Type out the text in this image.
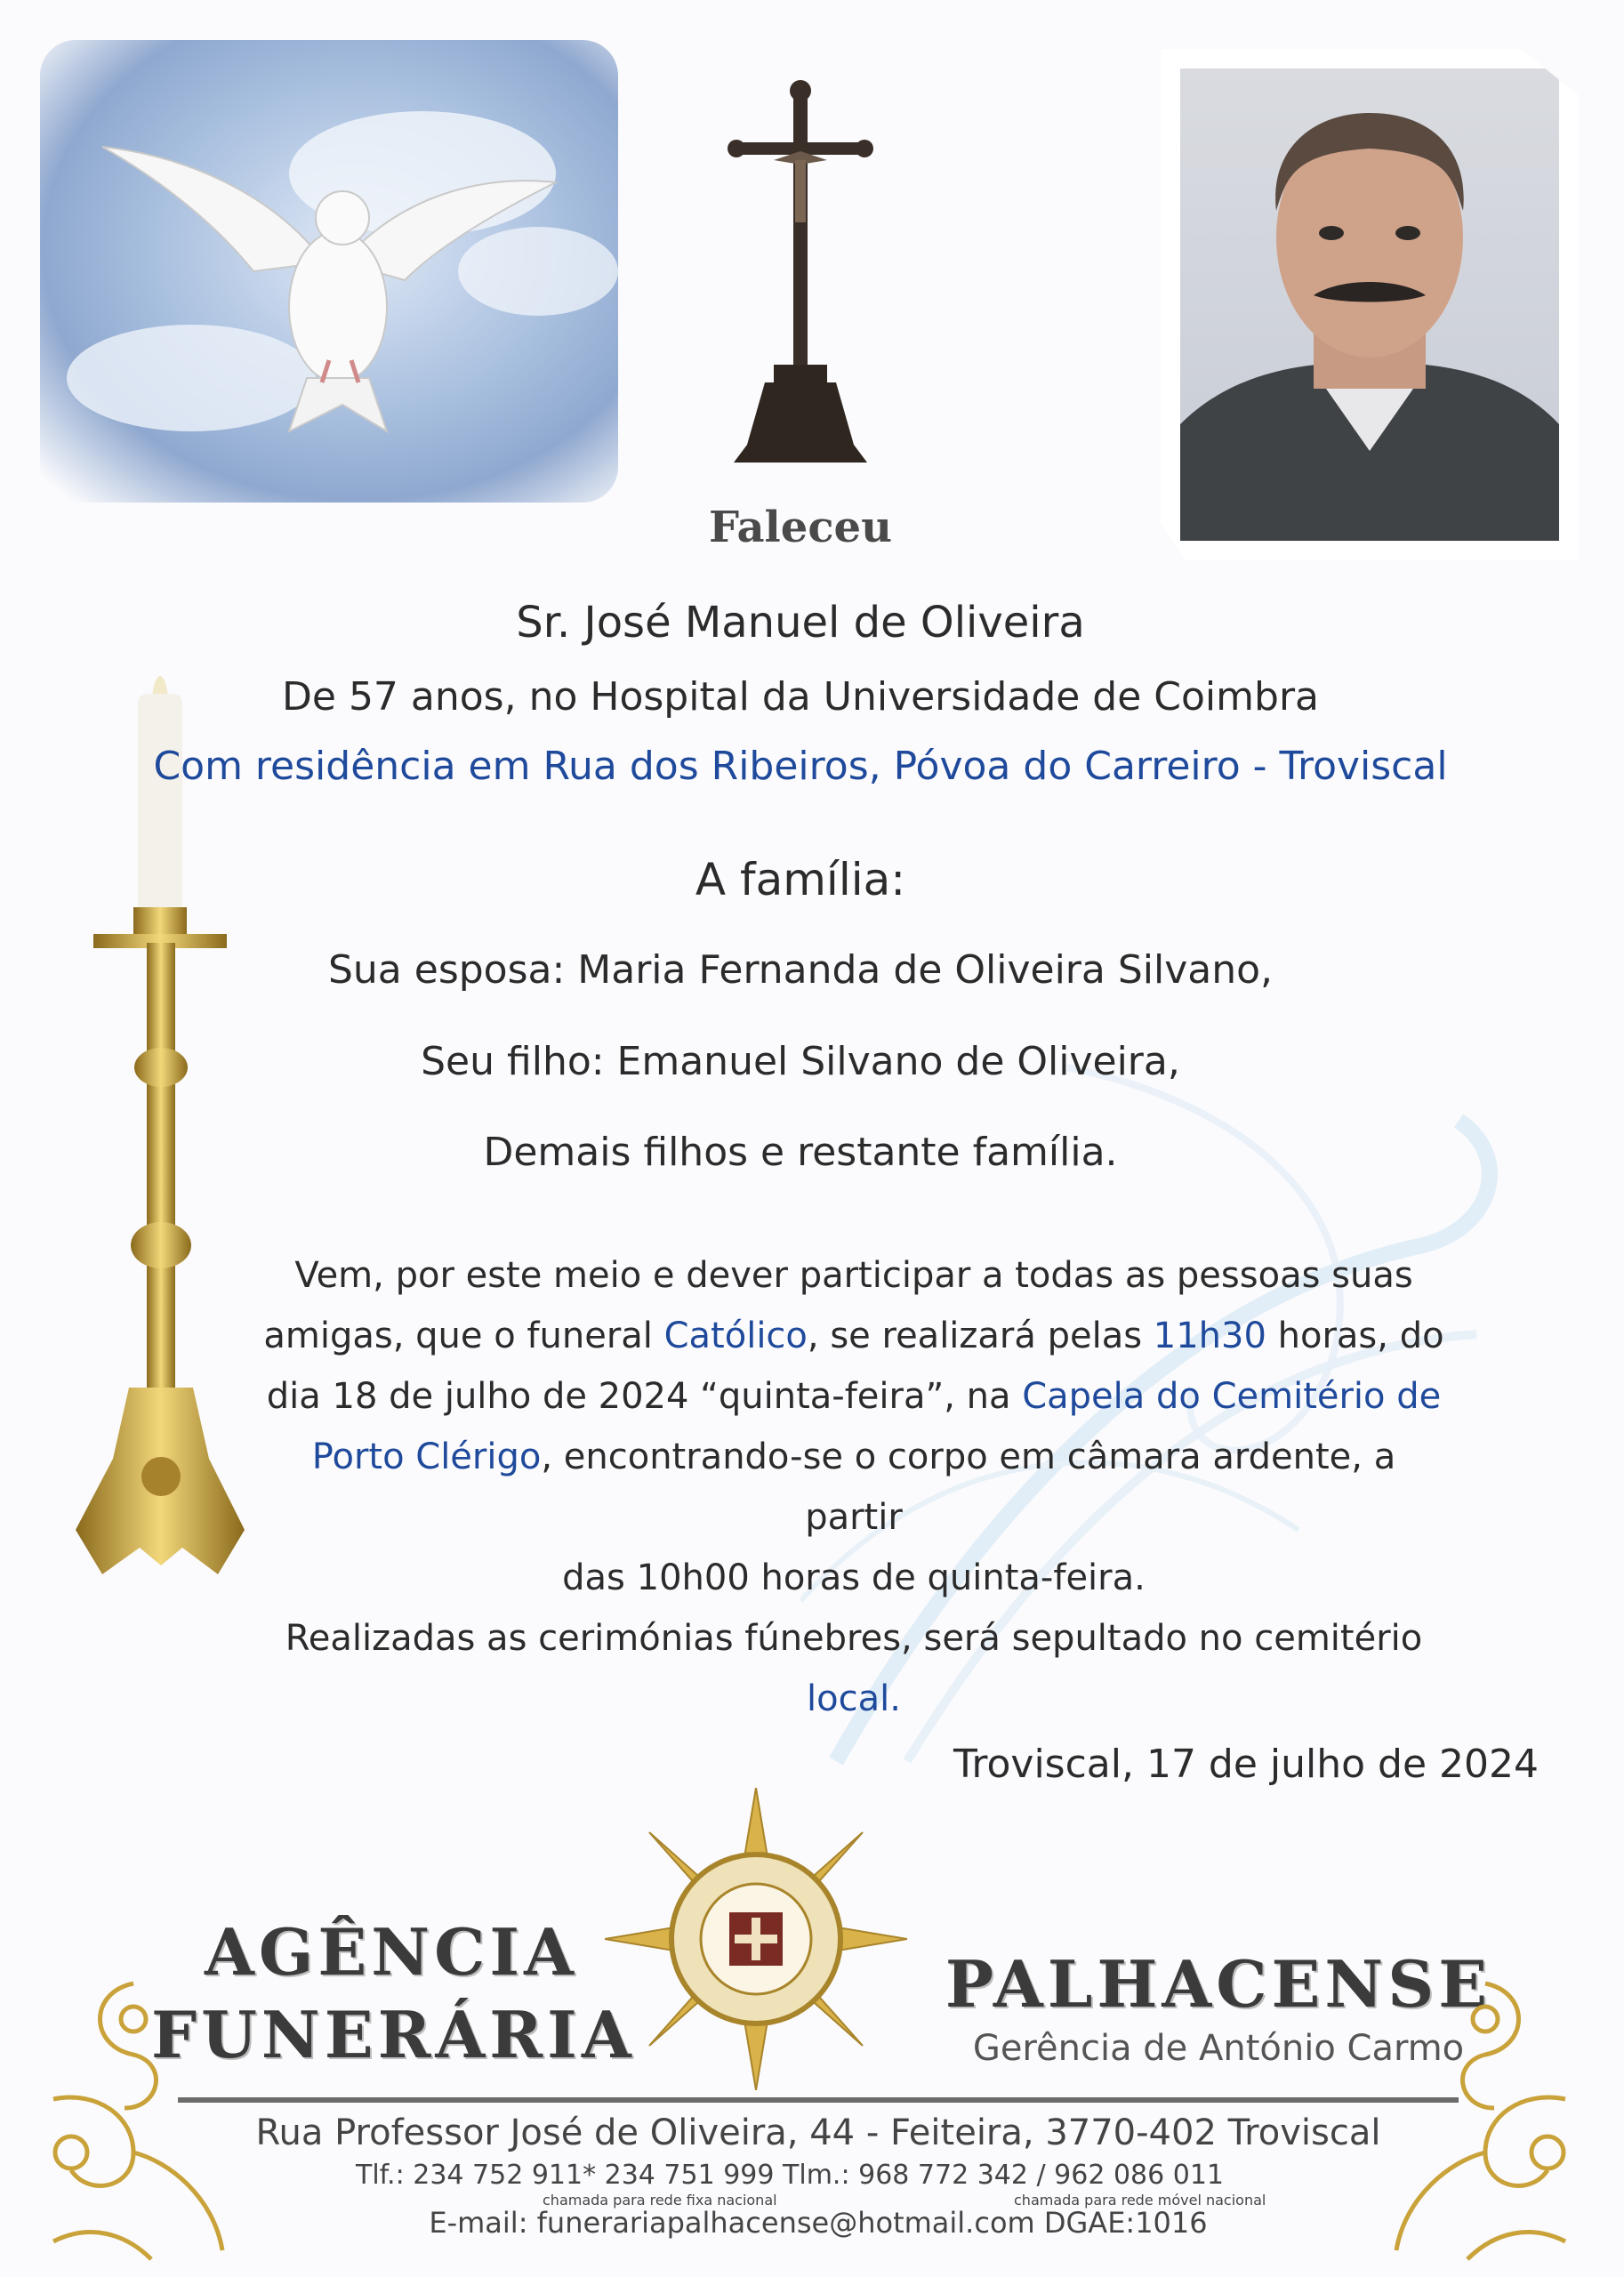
Faleceu
Sr. José Manuel de Oliveira
De 57 anos, no Hospital da Universidade de Coimbra
Com residência em Rua dos Ribeiros, Póvoa do Carreiro - Troviscal
A família:
Sua esposa: Maria Fernanda de Oliveira Silvano,
Seu filho: Emanuel Silvano de Oliveira,
Demais filhos e restante família.
Vem, por este meio e dever participar a todas as pessoas suas
amigas, que o funeral Católico, se realizará pelas 11h30 horas, do
dia 18 de julho de 2024 “quinta-feira”, na Capela do Cemitério de
Porto Clérigo, encontrando-se o corpo em câmara ardente, a partir
das 10h00 horas de quinta-feira.
Realizadas as cerimónias fúnebres, será sepultado no cemitério
local.
Troviscal, 17 de julho de 2024
AGÊNCIA
FUNERÁRIA
PALHACENSE
Gerência de António Carmo
Rua Professor José de Oliveira, 44 - Feiteira, 3770-402 Troviscal
Tlf.: 234 752 911* 234 751 999 Tlm.: 968 772 342 / 962 086 011
chamada para rede fixa nacional	chamada para rede móvel nacional
E-mail: funerariapalhacense@hotmail.com DGAE:1016
